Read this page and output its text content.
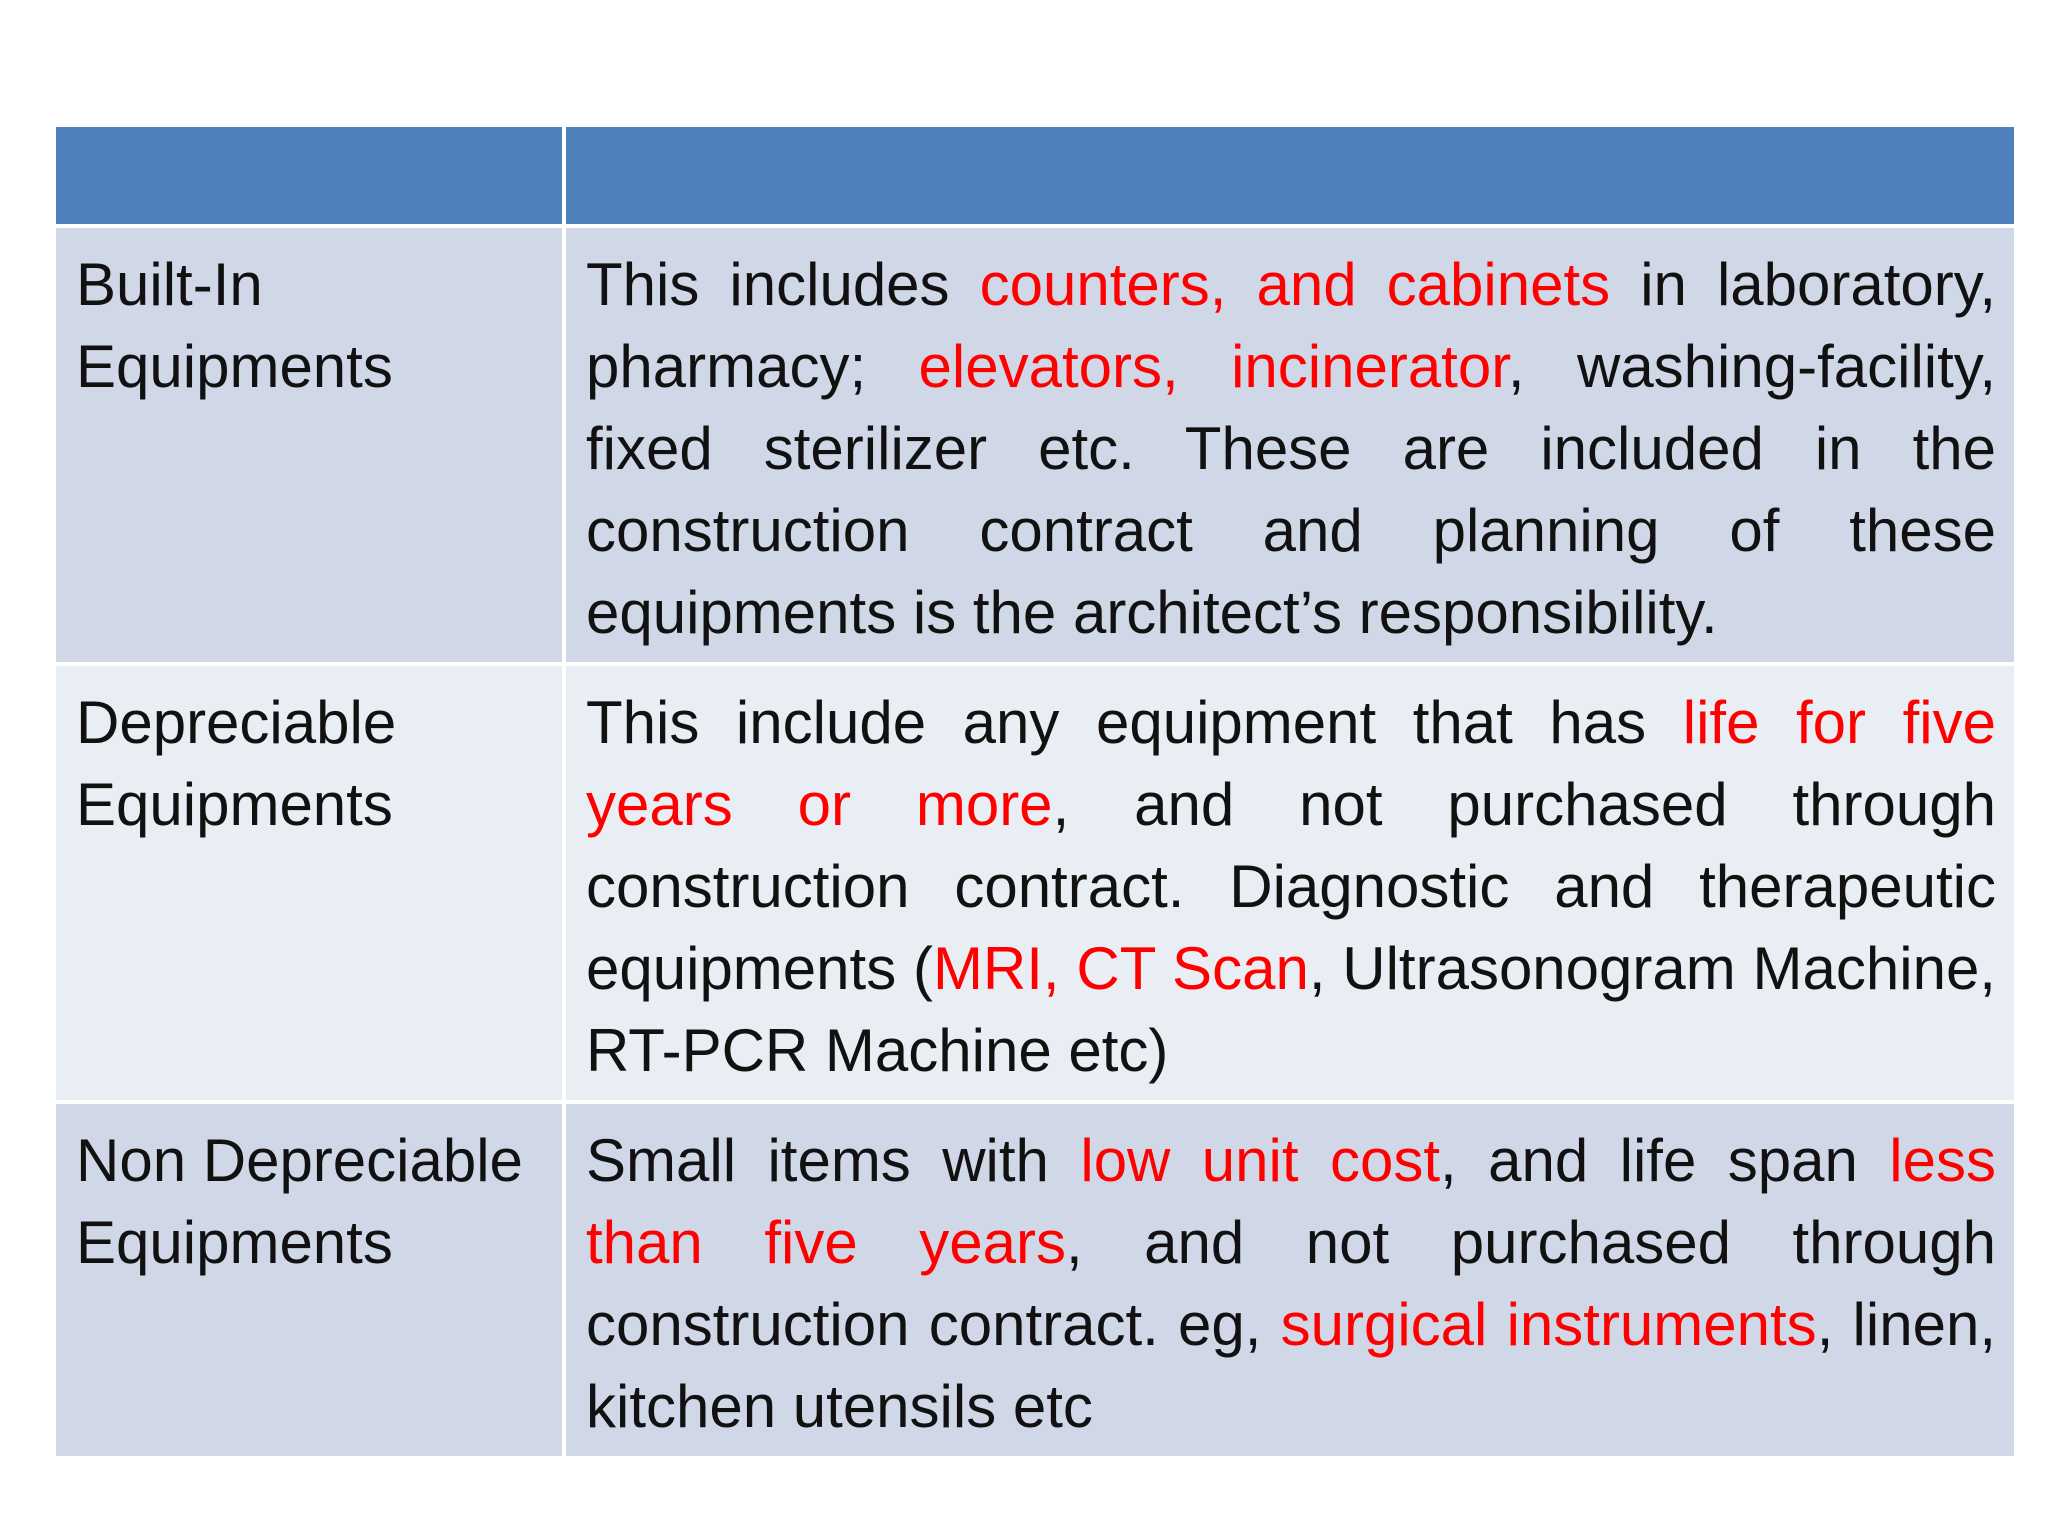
Built-In Equipments	This includes counters, and cabinets in laboratory, pharmacy; elevators, incinerator, washing-facility, fixed sterilizer etc. These are included in the construction contract and planning of these equipments is the architect’s responsibility.
Depreciable Equipments	This include any equipment that has life for five years or more, and not purchased through construction contract. Diagnostic and therapeutic equipments (MRI, CT Scan, Ultrasonogram Machine, RT-PCR Machine etc)
Non Depreciable Equipments	Small items with low unit cost, and life span less than five years, and not purchased through construction contract. eg, surgical instruments, linen, kitchen utensils etc
